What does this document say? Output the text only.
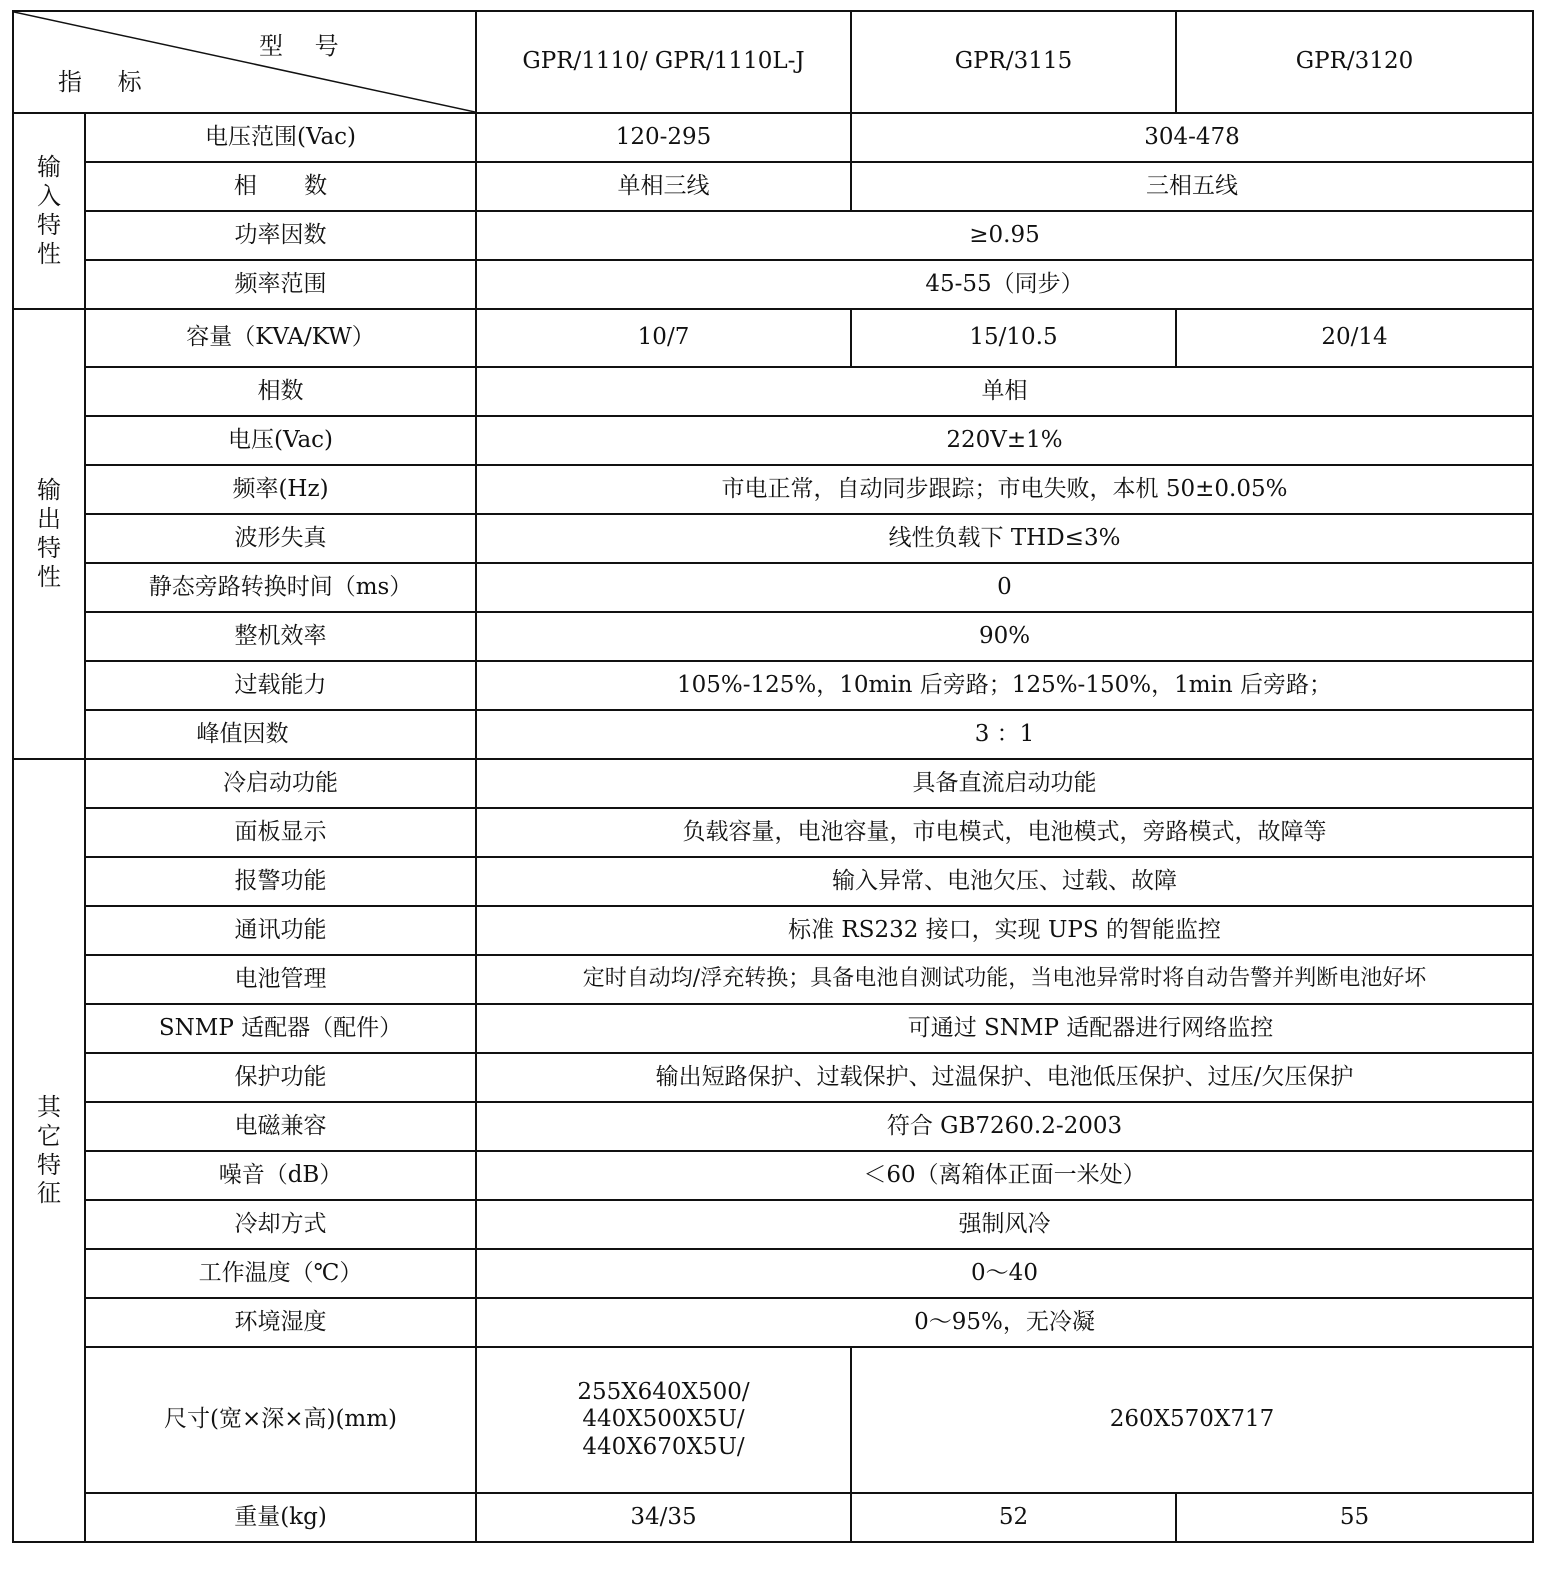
型 号
指 标		GPR/1110/ GPR/1110L-J	GPR/3115	GPR/3120

输
入
特
性	电压范围(Vac)	120-295	304-478	
	相 数	单相三线	三相五线	
	功率因数	≥0.95		
	频率范围	45-55（同步）		

输
出
特
性	容量（KVA/KW）	10/7	15/10.5	20/14
	相数	单相		
	电压(Vac)	220V±1%		
	频率(Hz)	市电正常，自动同步跟踪；市电失败，本机 50±0.05%		
	波形失真	线性负载下 THD≤3%		
	静态旁路转换时间（ms）	0		
	整机效率	90%		
	过载能力	105%-125%，10min 后旁路；125%-150%，1min 后旁路；		
	峰值因数	3 ：1		

其
它
特
征	冷启动功能	具备直流启动功能		
	面板显示	负载容量，电池容量，市电模式，电池模式，旁路模式，故障等		
	报警功能	输入异常、电池欠压、过载、故障		
	通讯功能	标准 RS232 接口，实现 UPS 的智能监控		
	电池管理	定时自动均/浮充转换；具备电池自测试功能，当电池异常时将自动告警并判断电池好坏		
	SNMP 适配器（配件）	可通过 SNMP 适配器进行网络监控		
	保护功能	输出短路保护、过载保护、过温保护、电池低压保护、过压/欠压保护		
	电磁兼容	符合 GB7260.2-2003		
	噪音（dB）	＜60（离箱体正面一米处）		
	冷却方式	强制风冷		
	工作温度（℃）	0～40		
	环境湿度	0～95%，无冷凝		
	尺寸(宽×深×高)(mm)	255X640X500/
440X500X5U/
440X670X5U/	260X570X717	
	重量(kg)	34/35	52	55
